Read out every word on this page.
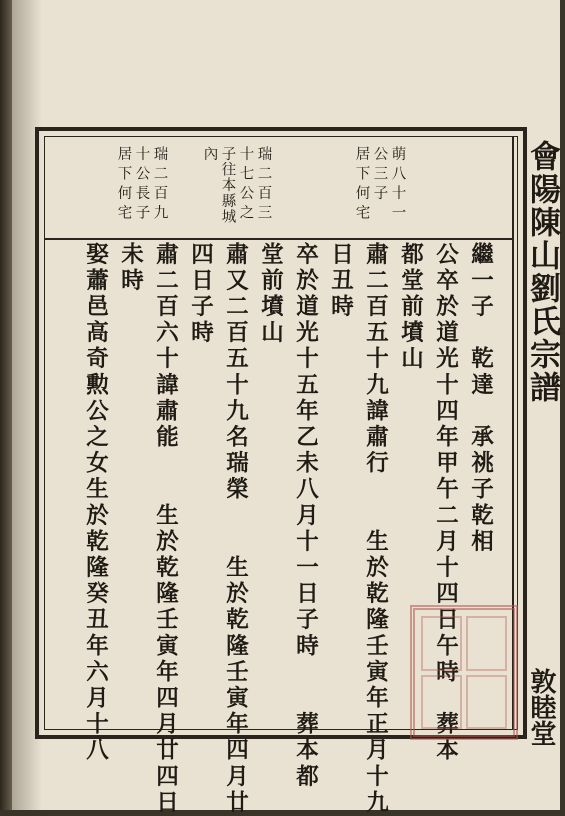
會陽陳山劉氏宗譜
敦睦堂
萌八十一
公三子
居下何宅
瑞二百三
十七公之
子往本縣城
內
瑞二百九
十公長子
居下何宅
繼一子　乾達　承祧子乾相
公卒於道光十四年甲午二月十四日午時　葬本
都堂前墳山
肅二百五十九諱肅行　　生於乾隆壬寅年正月十九
日丑時
卒於道光十五年乙未八月十一日子時　　葬本都
堂前墳山
肅又二百五十九名瑞榮　　生於乾隆壬寅年四月廿
四日子時
肅二百六十諱肅能　　生於乾隆壬寅年四月廿四日
未時
娶蕭邑高奇勲公之女生於乾隆癸丑年六月十八
